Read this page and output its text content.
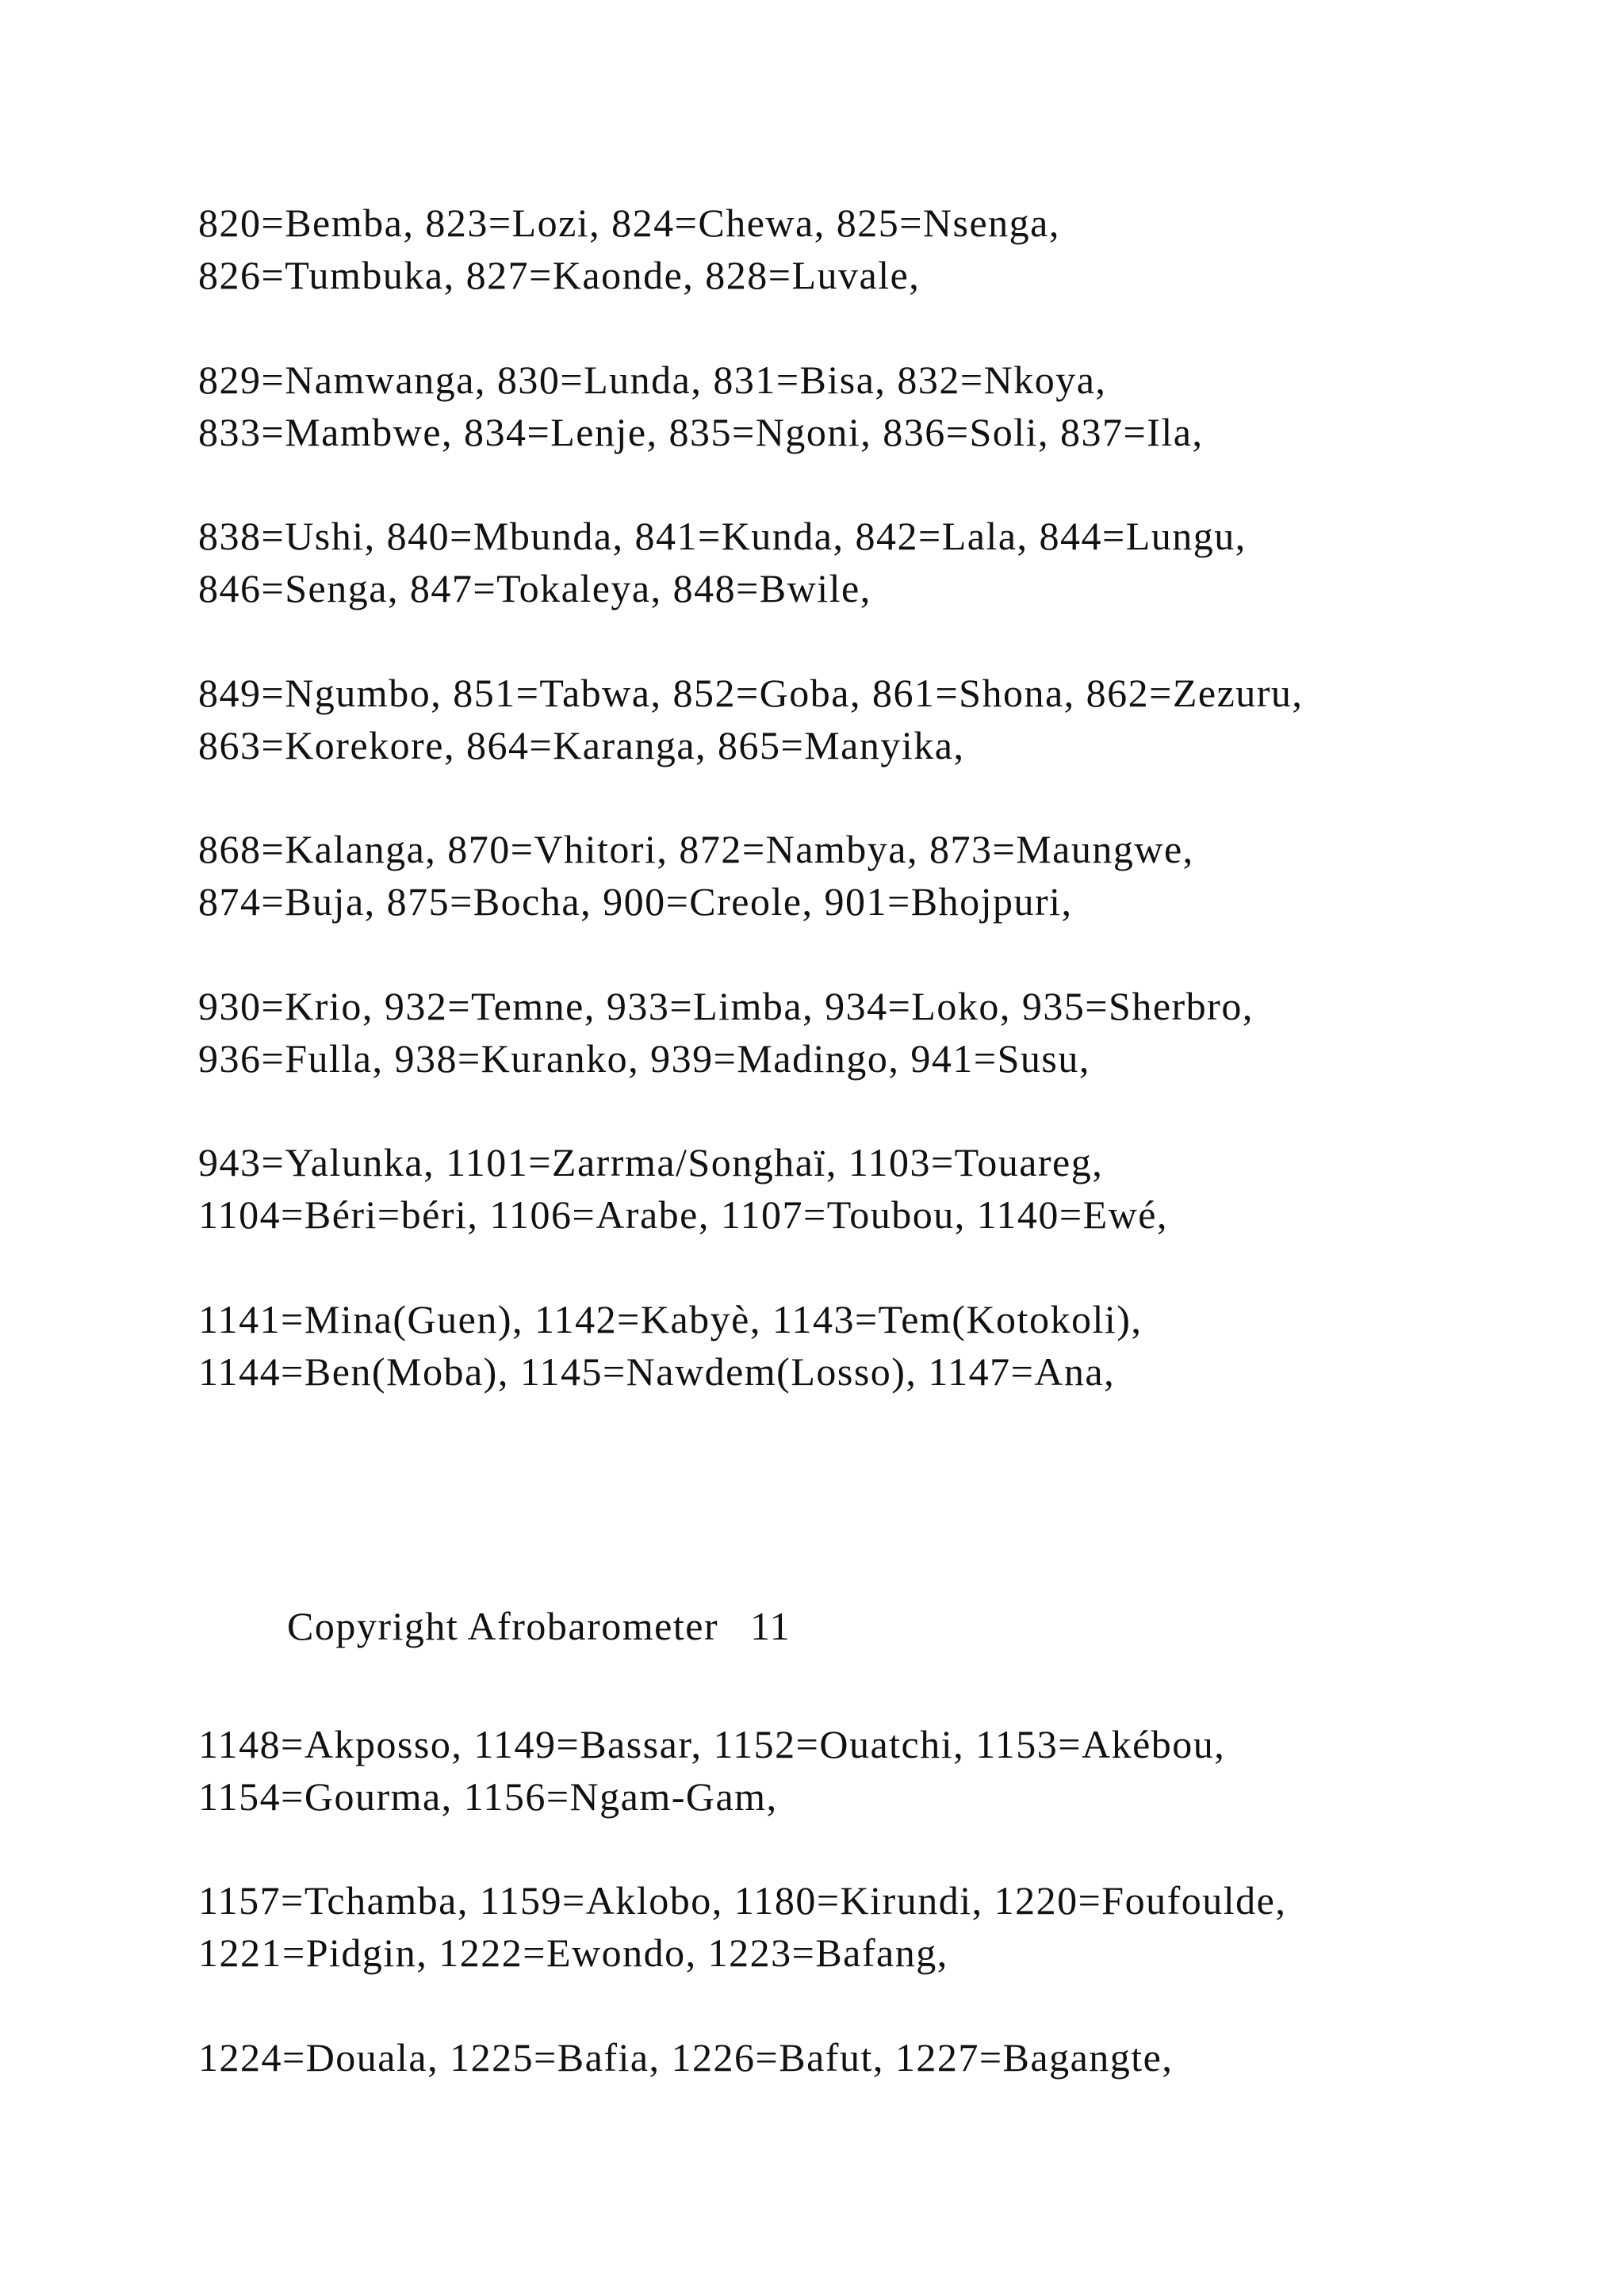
820=Bemba, 823=Lozi, 824=Chewa, 825=Nsenga,
826=Tumbuka, 827=Kaonde, 828=Luvale,
829=Namwanga, 830=Lunda, 831=Bisa, 832=Nkoya,
833=Mambwe, 834=Lenje, 835=Ngoni, 836=Soli, 837=Ila,
838=Ushi, 840=Mbunda, 841=Kunda, 842=Lala, 844=Lungu,
846=Senga, 847=Tokaleya, 848=Bwile,
849=Ngumbo, 851=Tabwa, 852=Goba, 861=Shona, 862=Zezuru,
863=Korekore, 864=Karanga, 865=Manyika,
868=Kalanga, 870=Vhitori, 872=Nambya, 873=Maungwe,
874=Buja, 875=Bocha, 900=Creole, 901=Bhojpuri,
930=Krio, 932=Temne, 933=Limba, 934=Loko, 935=Sherbro,
936=Fulla, 938=Kuranko, 939=Madingo, 941=Susu,
943=Yalunka, 1101=Zarrma/Songhaï, 1103=Touareg,
1104=Béri=béri, 1106=Arabe, 1107=Toubou, 1140=Ewé,
1141=Mina(Guen), 1142=Kabyè, 1143=Tem(Kotokoli),
1144=Ben(Moba), 1145=Nawdem(Losso), 1147=Ana,
Copyright Afrobarometer 11
1148=Akposso, 1149=Bassar, 1152=Ouatchi, 1153=Akébou,
1154=Gourma, 1156=Ngam-Gam,
1157=Tchamba, 1159=Aklobo, 1180=Kirundi, 1220=Foufoulde,
1221=Pidgin, 1222=Ewondo, 1223=Bafang,
1224=Douala, 1225=Bafia, 1226=Bafut, 1227=Bagangte,
